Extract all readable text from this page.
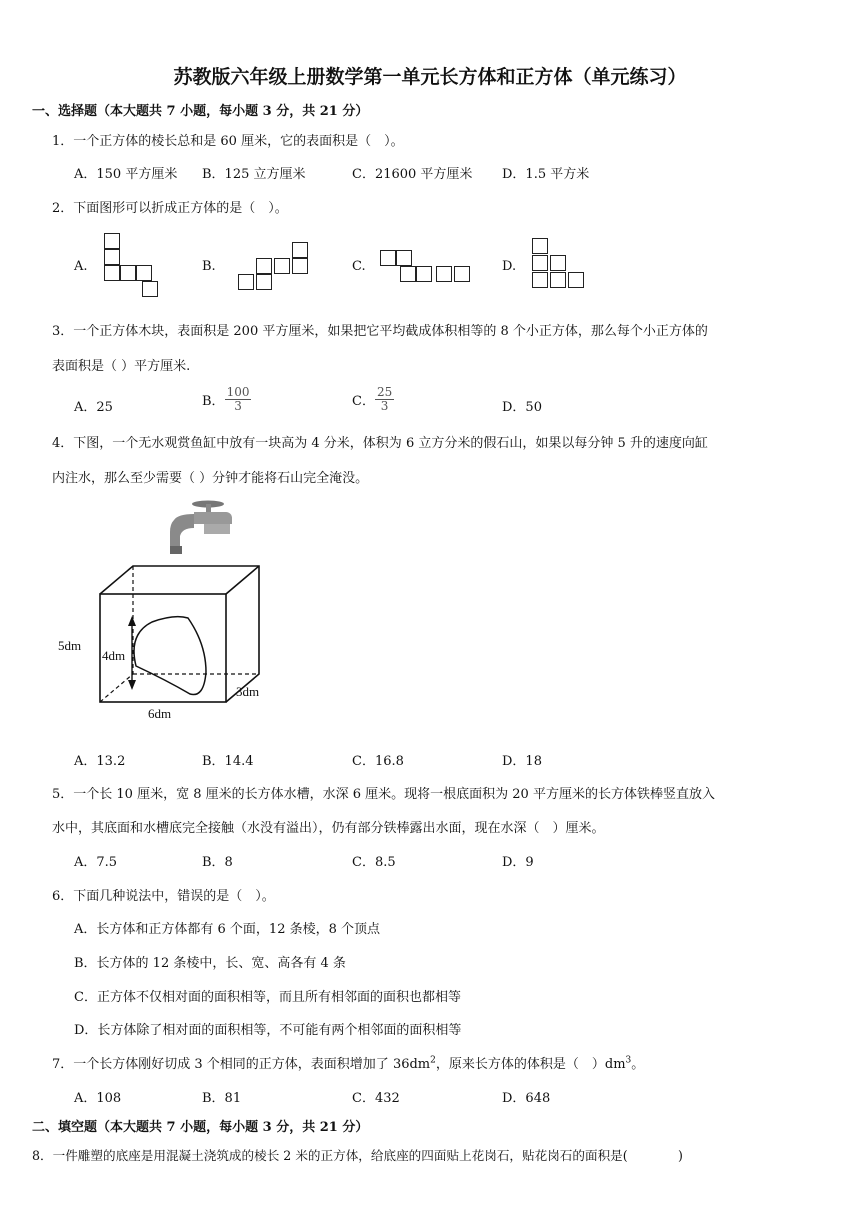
苏教版六年级上册数学第一单元长方体和正方体（单元练习）
一、选择题（本大题共 7 小题，每小题 3 分，共 21 分）
1．一个正方体的棱长总和是 60 厘米，它的表面积是（　）。
A．150 平方厘米 B．125 立方厘米	C．21600 平方厘米 D．1.5 平方米
2．下面图形可以折成正方体的是（　）。
A.	B.	C.	D.
3．一个正方体木块，表面积是 200 平方厘米，如果把它平均截成体积相等的 8 个小正方体，那么每个小正方体的
表面积是（ ）平方厘米.
A．25	B． $\frac{100}{3}$	C． $\frac{25}{3}$	D．50
4．下图，一个无水观赏鱼缸中放有一块高为 4 分米，体积为 6 立方分米的假石山，如果以每分钟 5 升的速度向缸
内注水，那么至少需要（ ）分钟才能将石山完全淹没。
5dm
4dm
3dm
6dm
A．13.2	B．14.4	C．16.8	D．18
5．一个长 10 厘米，宽 8 厘米的长方体水槽，水深 6 厘米。现将一根底面积为 20 平方厘米的长方体铁棒竖直放入
水中，其底面和水槽底完全接触（水没有溢出），仍有部分铁棒露出水面，现在水深（　）厘米。
A．7.5	B．8	C．8.5	D．9
6．下面几种说法中，错误的是（　）。
A．长方体和正方体都有 6 个面，12 条棱，8 个顶点
B．长方体的 12 条棱中，长、宽、高各有 4 条
C．正方体不仅相对面的面积相等，而且所有相邻面的面积也都相等
D．长方体除了相对面的面积相等，不可能有两个相邻面的面积相等
7．一个长方体刚好切成 3 个相同的正方体，表面积增加了 $36dm^2$，原来长方体的体积是（　）$dm^3$。
A．108	B．81	C．432	D．648
二、填空题（本大题共 7 小题，每小题 3 分，共 21 分）
8．一件雕塑的底座是用混凝土浇筑成的棱长 2 米的正方体，给底座的四面贴上花岗石，贴花岗石的面积是(　　　　)
